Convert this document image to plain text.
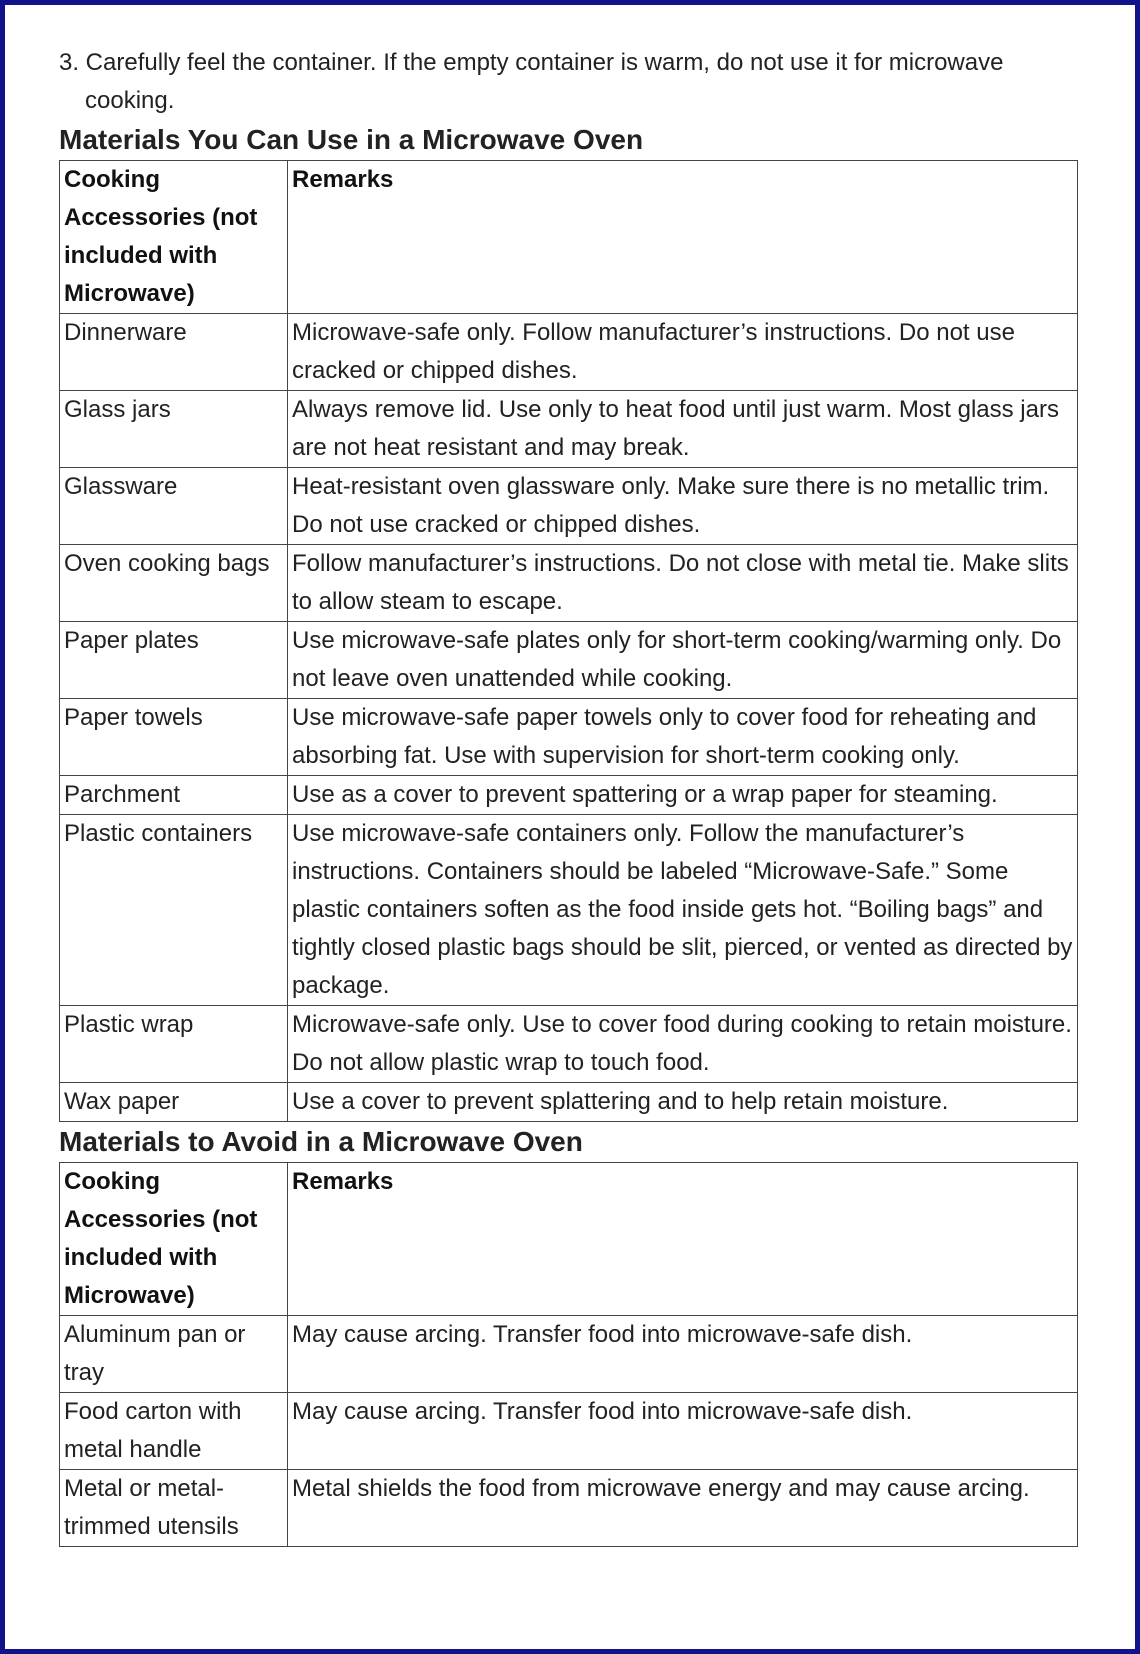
3. Carefully feel the container. If the empty container is warm, do not use it for microwave cooking.

Materials You Can Use in a Microwave Oven
Cooking Accessories (not included with Microwave)	Remarks
Dinnerware	Microwave-safe only. Follow manufacturer’s instructions. Do not use cracked or chipped dishes.
Glass jars	Always remove lid. Use only to heat food until just warm. Most glass jars are not heat resistant and may break.
Glassware	Heat-resistant oven glassware only. Make sure there is no metallic trim. Do not use cracked or chipped dishes.
Oven cooking bags	Follow manufacturer’s instructions. Do not close with metal tie. Make slits to allow steam to escape.
Paper plates	Use microwave-safe plates only for short-term cooking/warming only. Do not leave oven unattended while cooking.
Paper towels	Use microwave-safe paper towels only to cover food for reheating and absorbing fat. Use with supervision for short-term cooking only.
Parchment	Use as a cover to prevent spattering or a wrap paper for steaming.
Plastic containers	Use microwave-safe containers only. Follow the manufacturer’s instructions. Containers should be labeled “Microwave-Safe.” Some plastic containers soften as the food inside gets hot. “Boiling bags” and tightly closed plastic bags should be slit, pierced, or vented as directed by package.
Plastic wrap	Microwave-safe only. Use to cover food during cooking to retain moisture. Do not allow plastic wrap to touch food.
Wax paper	Use a cover to prevent splattering and to help retain moisture.
Materials to Avoid in a Microwave Oven
Cooking Accessories (not included with Microwave)	Remarks
Aluminum pan or tray	May cause arcing. Transfer food into microwave-safe dish.
Food carton with metal handle	May cause arcing. Transfer food into microwave-safe dish.
Metal or metal-trimmed utensils	Metal shields the food from microwave energy and may cause arcing.
